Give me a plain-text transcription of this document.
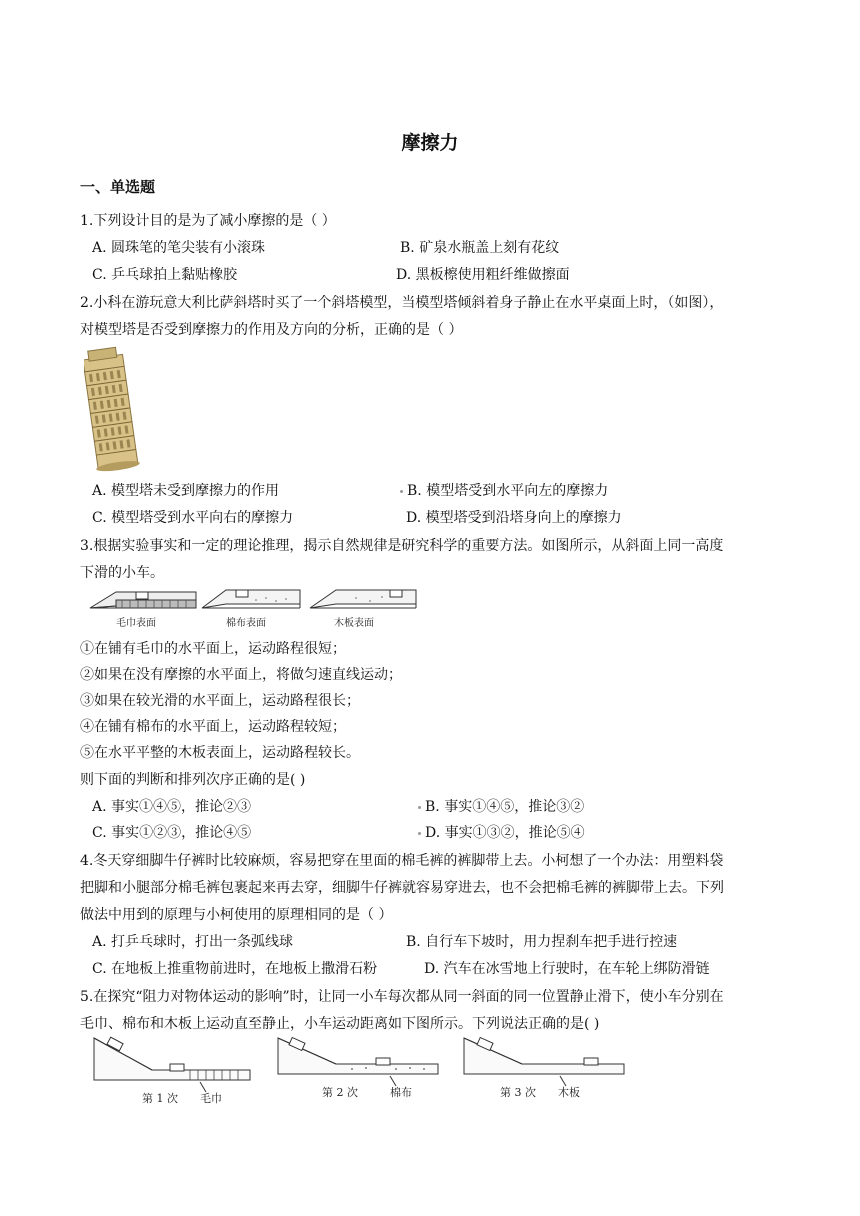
摩擦力
一、单选题
1.下列设计目的是为了减小摩擦的是（ ）
A. 圆珠笔的笔尖装有小滚珠	B. 矿泉水瓶盖上刻有花纹
C. 乒乓球拍上黏贴橡胶	D. 黑板檫使用粗纤维做擦面
2.小科在游玩意大利比萨斜塔时买了一个斜塔模型，当模型塔倾斜着身子静止在水平桌面上时，（如图），
对模型塔是否受到摩擦力的作用及方向的分析，正确的是（ ）
A. 模型塔未受到摩擦力的作用	B. 模型塔受到水平向左的摩擦力
C. 模型塔受到水平向右的摩擦力	D. 模型塔受到沿塔身向上的摩擦力
3.根据实验事实和一定的理论推理，揭示自然规律是研究科学的重要方法。如图所示，从斜面上同一高度
下滑的小车。
毛巾表面	棉布表面	木板表面
①在铺有毛巾的水平面上，运动路程很短；
②如果在没有摩擦的水平面上，将做匀速直线运动；
③如果在较光滑的水平面上，运动路程很长；
④在铺有棉布的水平面上，运动路程较短；
⑤在水平平整的木板表面上，运动路程较长。
则下面的判断和排列次序正确的是( )
A. 事实①④⑤，推论②③	B. 事实①④⑤，推论③②
C. 事实①②③，推论④⑤	D. 事实①③②，推论⑤④
4.冬天穿细脚牛仔裤时比较麻烦，容易把穿在里面的棉毛裤的裤脚带上去。小柯想了一个办法：用塑料袋
把脚和小腿部分棉毛裤包裹起来再去穿，细脚牛仔裤就容易穿进去，也不会把棉毛裤的裤脚带上去。下列
做法中用到的原理与小柯使用的原理相同的是（ ）
A. 打乒乓球时，打出一条弧线球	B. 自行车下坡时，用力捏刹车把手进行控速
C. 在地板上推重物前进时，在地板上撒滑石粉	D. 汽车在冰雪地上行驶时，在车轮上绑防滑链
5.在探究“阻力对物体运动的影响”时，让同一小车每次都从同一斜面的同一位置静止滑下，使小车分别在
毛巾、棉布和木板上运动直至静止，小车运动距离如下图所示。下列说法正确的是( )
第 1 次 毛巾	第 2 次	棉布	第 3 次 木板
